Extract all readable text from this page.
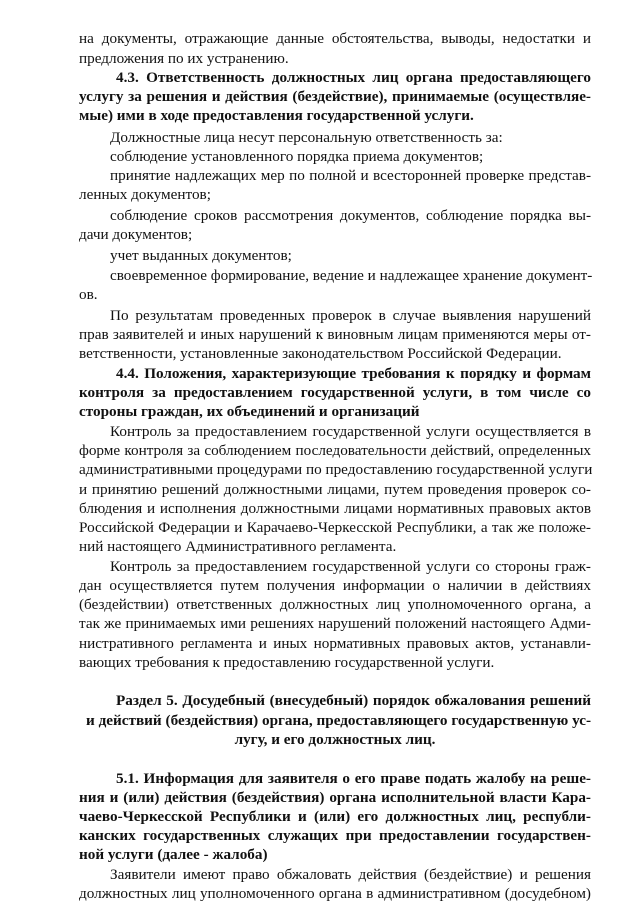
на документы, отражающие данные обстоятельства, выводы, недостатки и
предложения по их устранению.
4.3. Ответственность должностных лиц органа предоставляющего
услугу за решения и действия (бездействие), принимаемые (осуществляе-
мые) ими в ходе предоставления государственной услуги.
Должностные лица несут персональную ответственность за:
соблюдение установленного порядка приема документов;
принятие надлежащих мер по полной и всесторонней проверке представ-
ленных документов;
соблюдение сроков рассмотрения документов, соблюдение порядка вы-
дачи документов;
учет выданных документов;
своевременное формирование, ведение и надлежащее хранение документ-
ов.
По результатам проведенных проверок в случае выявления нарушений
прав заявителей и иных нарушений к виновным лицам применяются меры от-
ветственности, установленные законодательством Российской Федерации.
4.4. Положения, характеризующие требования к порядку и формам
контроля за предоставлением государственной услуги, в том числе со
стороны граждан, их объединений и организаций
Контроль за предоставлением государственной услуги осуществляется в
форме контроля за соблюдением последовательности действий, определенных
административными процедурами по предоставлению государственной услуги
и принятию решений должностными лицами, путем проведения проверок со-
блюдения и исполнения должностными лицами нормативных правовых актов
Российской Федерации и Карачаево-Черкесской Республики, а так же положе-
ний настоящего Административного регламента.
Контроль за предоставлением государственной услуги со стороны граж-
дан осуществляется путем получения информации о наличии в действиях
(бездействии) ответственных должностных лиц уполномоченного органа, а
так же принимаемых ими решениях нарушений положений настоящего Адми-
нистративного регламента и иных нормативных правовых актов, устанавли-
вающих требования к предоставлению государственной услуги.
Раздел 5. Досудебный (внесудебный) порядок обжалования решений
и действий (бездействия) органа, предоставляющего государственную ус-
лугу, и его должностных лиц.
5.1. Информация для заявителя о его праве подать жалобу на реше-
ния и (или) действия (бездействия) органа исполнительной власти Кара-
чаево-Черкесской Республики и (или) его должностных лиц, республи-
канских государственных служащих при предоставлении государствен-
ной услуги (далее - жалоба)
Заявители имеют право обжаловать действия (бездействие) и решения
должностных лиц уполномоченного органа в административном (досудебном)
